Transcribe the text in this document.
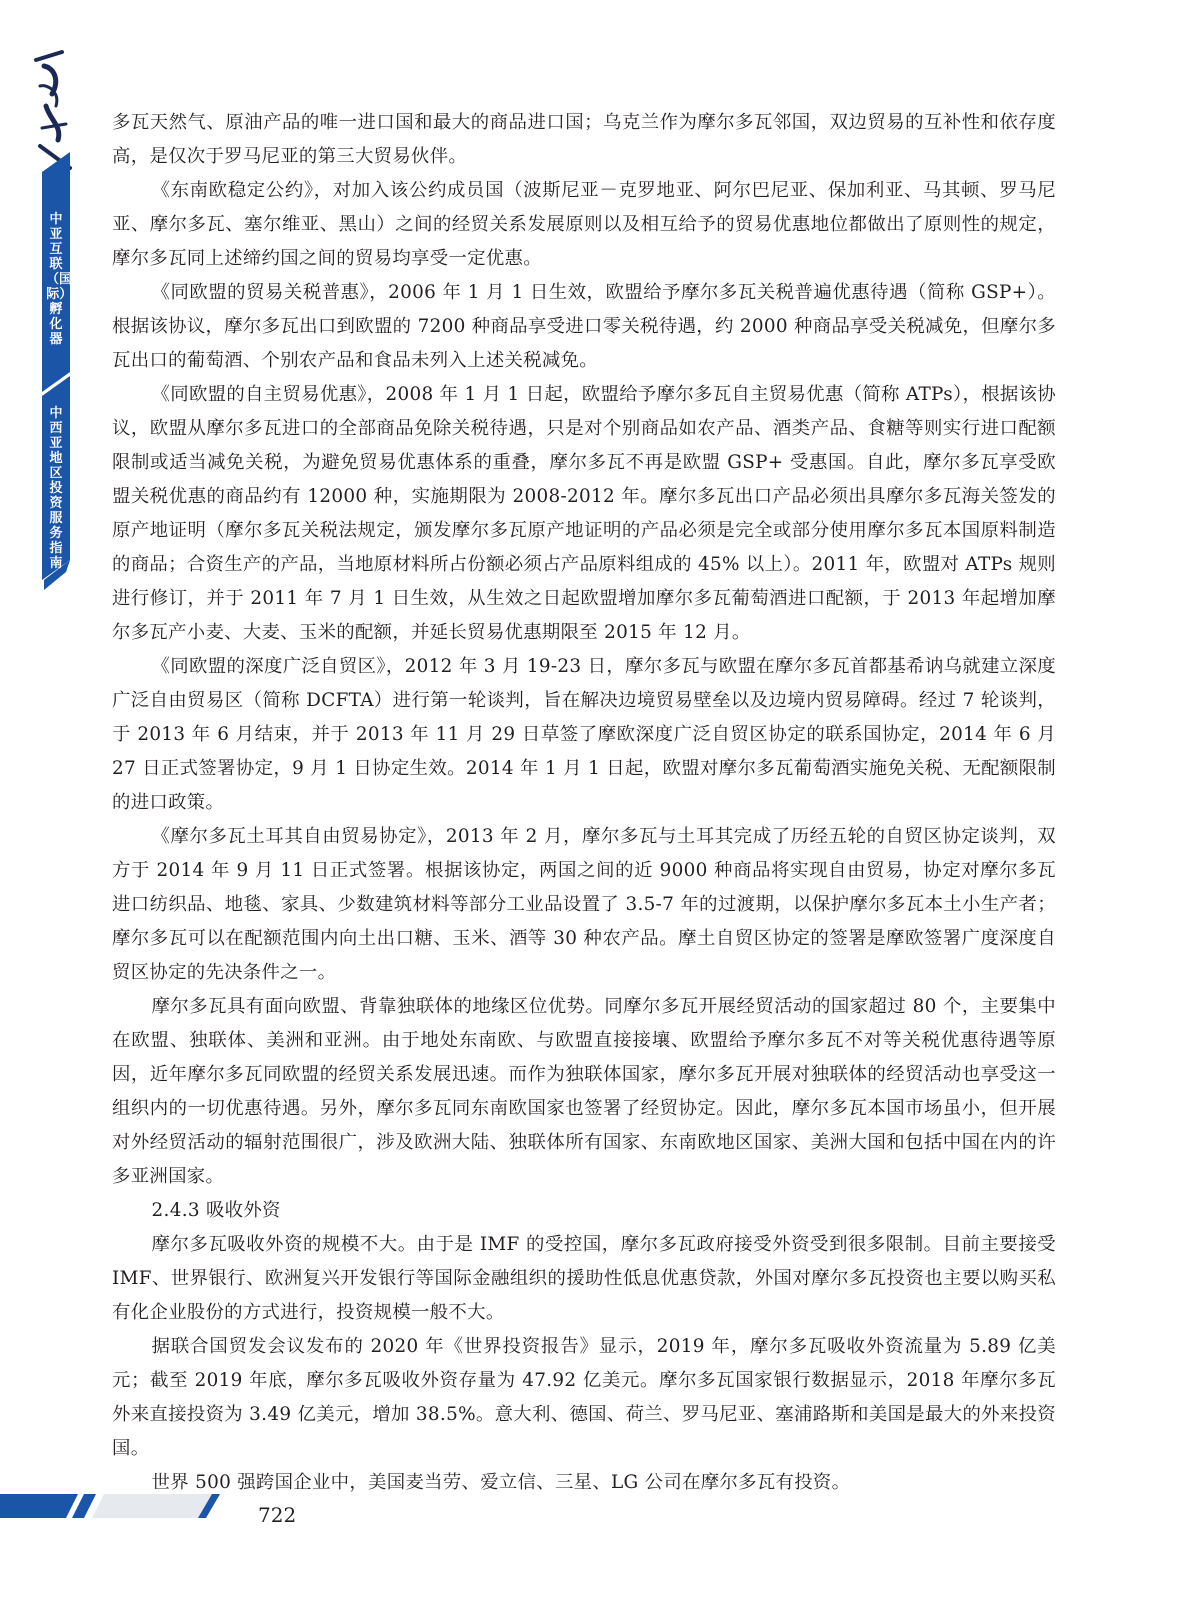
中亚互联（国际）孵化器
中西亚地区投资服务指南

多瓦天然气、原油产品的唯一进口国和最大的商品进口国；乌克兰作为摩尔多瓦邻国，双边贸易的互补性和依存度高，是仅次于罗马尼亚的第三大贸易伙伴。

《东南欧稳定公约》，对加入该公约成员国（波斯尼亚－克罗地亚、阿尔巴尼亚、保加利亚、马其顿、罗马尼亚、摩尔多瓦、塞尔维亚、黑山）之间的经贸关系发展原则以及相互给予的贸易优惠地位都做出了原则性的规定，摩尔多瓦同上述缔约国之间的贸易均享受一定优惠。

《同欧盟的贸易关税普惠》，2006 年 1 月 1 日生效，欧盟给予摩尔多瓦关税普遍优惠待遇（简称 GSP+）。根据该协议，摩尔多瓦出口到欧盟的 7200 种商品享受进口零关税待遇，约 2000 种商品享受关税减免，但摩尔多瓦出口的葡萄酒、个别农产品和食品未列入上述关税减免。

《同欧盟的自主贸易优惠》，2008 年 1 月 1 日起，欧盟给予摩尔多瓦自主贸易优惠（简称 ATPs），根据该协议，欧盟从摩尔多瓦进口的全部商品免除关税待遇，只是对个别商品如农产品、酒类产品、食糖等则实行进口配额限制或适当减免关税，为避免贸易优惠体系的重叠，摩尔多瓦不再是欧盟 GSP+ 受惠国。自此，摩尔多瓦享受欧盟关税优惠的商品约有 12000 种，实施期限为 2008-2012 年。摩尔多瓦出口产品必须出具摩尔多瓦海关签发的原产地证明（摩尔多瓦关税法规定，颁发摩尔多瓦原产地证明的产品必须是完全或部分使用摩尔多瓦本国原料制造的商品；合资生产的产品，当地原材料所占份额必须占产品原料组成的 45% 以上）。2011 年，欧盟对 ATPs 规则进行修订，并于 2011 年 7 月 1 日生效，从生效之日起欧盟增加摩尔多瓦葡萄酒进口配额，于 2013 年起增加摩尔多瓦产小麦、大麦、玉米的配额，并延长贸易优惠期限至 2015 年 12 月。

《同欧盟的深度广泛自贸区》，2012 年 3 月 19-23 日，摩尔多瓦与欧盟在摩尔多瓦首都基希讷乌就建立深度广泛自由贸易区（简称 DCFTA）进行第一轮谈判，旨在解决边境贸易壁垒以及边境内贸易障碍。经过 7 轮谈判，于 2013 年 6 月结束，并于 2013 年 11 月 29 日草签了摩欧深度广泛自贸区协定的联系国协定，2014 年 6 月 27 日正式签署协定，9 月 1 日协定生效。2014 年 1 月 1 日起，欧盟对摩尔多瓦葡萄酒实施免关税、无配额限制的进口政策。

《摩尔多瓦土耳其自由贸易协定》，2013 年 2 月，摩尔多瓦与土耳其完成了历经五轮的自贸区协定谈判，双方于 2014 年 9 月 11 日正式签署。根据该协定，两国之间的近 9000 种商品将实现自由贸易，协定对摩尔多瓦进口纺织品、地毯、家具、少数建筑材料等部分工业品设置了 3.5-7 年的过渡期，以保护摩尔多瓦本土小生产者；摩尔多瓦可以在配额范围内向土出口糖、玉米、酒等 30 种农产品。摩土自贸区协定的签署是摩欧签署广度深度自贸区协定的先决条件之一。

摩尔多瓦具有面向欧盟、背靠独联体的地缘区位优势。同摩尔多瓦开展经贸活动的国家超过 80 个，主要集中在欧盟、独联体、美洲和亚洲。由于地处东南欧、与欧盟直接接壤、欧盟给予摩尔多瓦不对等关税优惠待遇等原因，近年摩尔多瓦同欧盟的经贸关系发展迅速。而作为独联体国家，摩尔多瓦开展对独联体的经贸活动也享受这一组织内的一切优惠待遇。另外，摩尔多瓦同东南欧国家也签署了经贸协定。因此，摩尔多瓦本国市场虽小，但开展对外经贸活动的辐射范围很广，涉及欧洲大陆、独联体所有国家、东南欧地区国家、美洲大国和包括中国在内的许多亚洲国家。

2.4.3 吸收外资

摩尔多瓦吸收外资的规模不大。由于是 IMF 的受控国，摩尔多瓦政府接受外资受到很多限制。目前主要接受 IMF、世界银行、欧洲复兴开发银行等国际金融组织的援助性低息优惠贷款，外国对摩尔多瓦投资也主要以购买私有化企业股份的方式进行，投资规模一般不大。

据联合国贸发会议发布的 2020 年《世界投资报告》显示，2019 年，摩尔多瓦吸收外资流量为 5.89 亿美元；截至 2019 年底，摩尔多瓦吸收外资存量为 47.92 亿美元。摩尔多瓦国家银行数据显示，2018 年摩尔多瓦外来直接投资为 3.49 亿美元，增加 38.5%。意大利、德国、荷兰、罗马尼亚、塞浦路斯和美国是最大的外来投资国。

世界 500 强跨国企业中，美国麦当劳、爱立信、三星、LG 公司在摩尔多瓦有投资。

722
